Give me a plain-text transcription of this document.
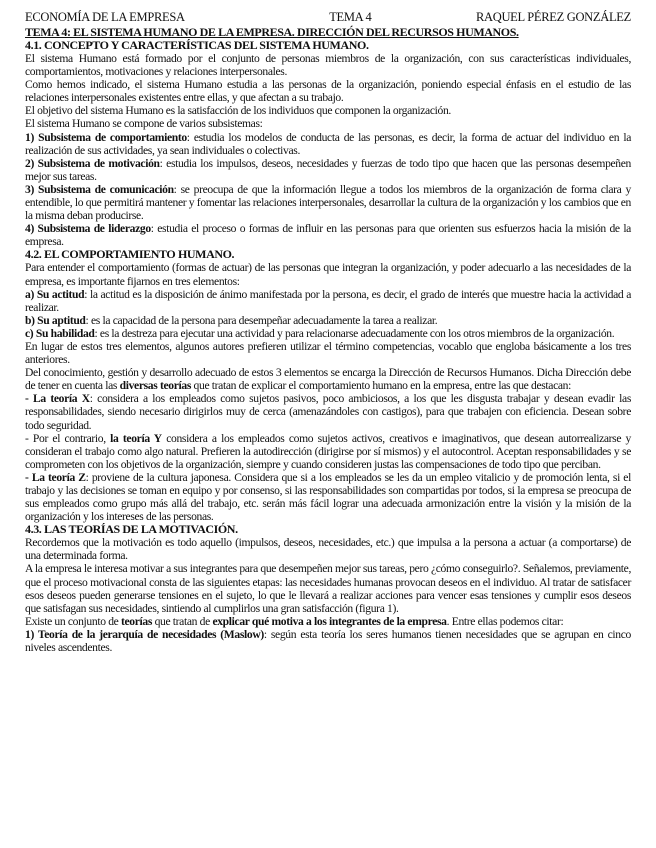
ECONOMÍA DE LA EMPRESA	TEMA 4	RAQUEL PÉREZ GONZÁLEZ
TEMA 4: EL SISTEMA HUMANO DE LA EMPRESA. DIRECCIÓN DEL RECURSOS HUMANOS.
4.1. CONCEPTO Y CARACTERÍSTICAS DEL SISTEMA HUMANO.

El sistema Humano está formado por el conjunto de personas miembros de la organización, con sus características individuales, comportamientos, motivaciones y relaciones interpersonales.

Como hemos indicado, el sistema Humano estudia a las personas de la organización, poniendo especial énfasis en el estudio de las relaciones interpersonales existentes entre ellas, y que afectan a su trabajo.

El objetivo del sistema Humano es la satisfacción de los individuos que componen la organización.

El sistema Humano se compone de varios subsistemas:

1) Subsistema de comportamiento: estudia los modelos de conducta de las personas, es decir, la forma de actuar del individuo en la realización de sus actividades, ya sean individuales o colectivas.

2) Subsistema de motivación: estudia los impulsos, deseos, necesidades y fuerzas de todo tipo que hacen que las personas desempeñen mejor sus tareas.

3) Subsistema de comunicación: se preocupa de que la información llegue a todos los miembros de la organización de forma clara y entendible, lo que permitirá mantener y fomentar las relaciones interpersonales, desarrollar la cultura de la organización y los cambios que en la misma deban producirse.

4) Subsistema de liderazgo: estudia el proceso o formas de influir en las personas para que orienten sus esfuerzos hacia la misión de la empresa.

4.2. EL COMPORTAMIENTO HUMANO.

Para entender el comportamiento (formas de actuar) de las personas que integran la organización, y poder adecuarlo a las necesidades de la empresa, es importante fijarnos en tres elementos:

a) Su actitud: la actitud es la disposición de ánimo manifestada por la persona, es decir, el grado de interés que muestre hacia la actividad a realizar.

b) Su aptitud: es la capacidad de la persona para desempeñar adecuadamente la tarea a realizar.

c) Su habilidad: es la destreza para ejecutar una actividad y para relacionarse adecuadamente con los otros miembros de la organización.

En lugar de estos tres elementos, algunos autores prefieren utilizar el término competencias, vocablo que engloba básicamente a los tres anteriores.

Del conocimiento, gestión y desarrollo adecuado de estos 3 elementos se encarga la Dirección de Recursos Humanos. Dicha Dirección debe de tener en cuenta las diversas teorías que tratan de explicar el comportamiento humano en la empresa, entre las que destacan:

- La teoría X: considera a los empleados como sujetos pasivos, poco ambiciosos, a los que les disgusta trabajar y desean evadir las responsabilidades, siendo necesario dirigirlos muy de cerca (amenazándoles con castigos), para que trabajen con eficiencia. Desean sobre todo seguridad.

- Por el contrario, la teoría Y considera a los empleados como sujetos activos, creativos e imaginativos, que desean autorrealizarse y consideran el trabajo como algo natural. Prefieren la autodirección (dirigirse por sí mismos) y el autocontrol. Aceptan responsabilidades y se comprometen con los objetivos de la organización, siempre y cuando consideren justas las compensaciones de todo tipo que perciban.

- La teoría Z: proviene de la cultura japonesa. Considera que si a los empleados se les da un empleo vitalicio y de promoción lenta, si el trabajo y las decisiones se toman en equipo y por consenso, si las responsabilidades son compartidas por todos, si la empresa se preocupa de sus empleados como grupo más allá del trabajo, etc. serán más fácil lograr una adecuada armonización entre la visión y la misión de la organización y los intereses de las personas.

4.3. LAS TEORÍAS DE LA MOTIVACIÓN.

Recordemos que la motivación es todo aquello (impulsos, deseos, necesidades, etc.) que impulsa a la persona a actuar (a comportarse) de una determinada forma.

A la empresa le interesa motivar a sus integrantes para que desempeñen mejor sus tareas, pero ¿cómo conseguirlo?. Señalemos, previamente, que el proceso motivacional consta de las siguientes etapas: las necesidades humanas provocan deseos en el individuo. Al tratar de satisfacer esos deseos pueden generarse tensiones en el sujeto, lo que le llevará a realizar acciones para vencer esas tensiones y cumplir esos deseos que satisfagan sus necesidades, sintiendo al cumplirlos una gran satisfacción (figura 1).

Existe un conjunto de teorías que tratan de explicar qué motiva a los integrantes de la empresa. Entre ellas podemos citar:

1) Teoría de la jerarquía de necesidades (Maslow): según esta teoría los seres humanos tienen necesidades que se agrupan en cinco niveles ascendentes.
